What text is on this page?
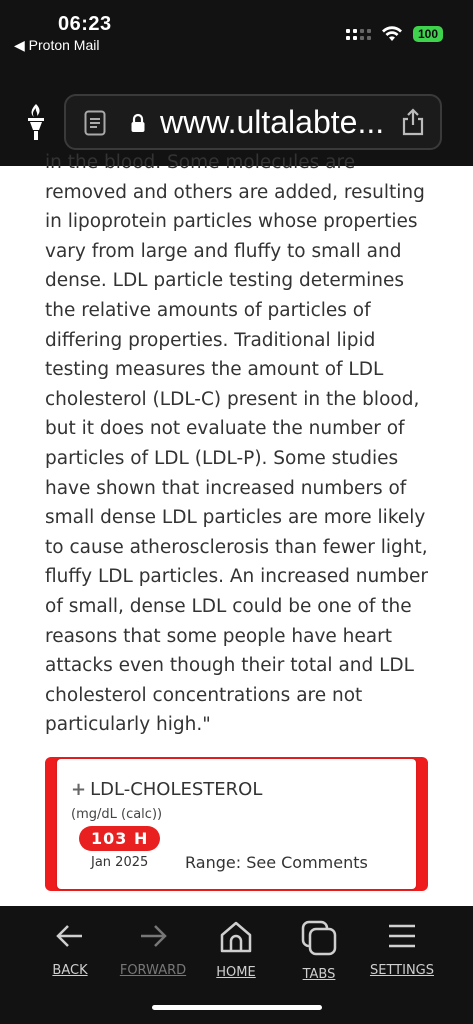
06:23
◀ Proton Mail
100
www.ultalabte...

in the blood. Some molecules are

removed and others are added, resulting in lipoprotein particles whose properties vary from large and fluffy to small and dense. LDL particle testing determines the relative amounts of particles of differing properties. Traditional lipid testing measures the amount of LDL cholesterol (LDL-C) present in the blood, but it does not evaluate the number of particles of LDL (LDL-P). Some studies have shown that increased numbers of small dense LDL particles are more likely to cause atherosclerosis than fewer light, fluffy LDL particles. An increased number of small, dense LDL could be one of the reasons that some people have heart attacks even though their total and LDL cholesterol concentrations are not particularly high."

+ LDL-CHOLESTEROL
(mg/dL (calc))
103 H
Jan 2025 Range: See Comments
BACK	FORWARD	HOME	TABS	SETTINGS
